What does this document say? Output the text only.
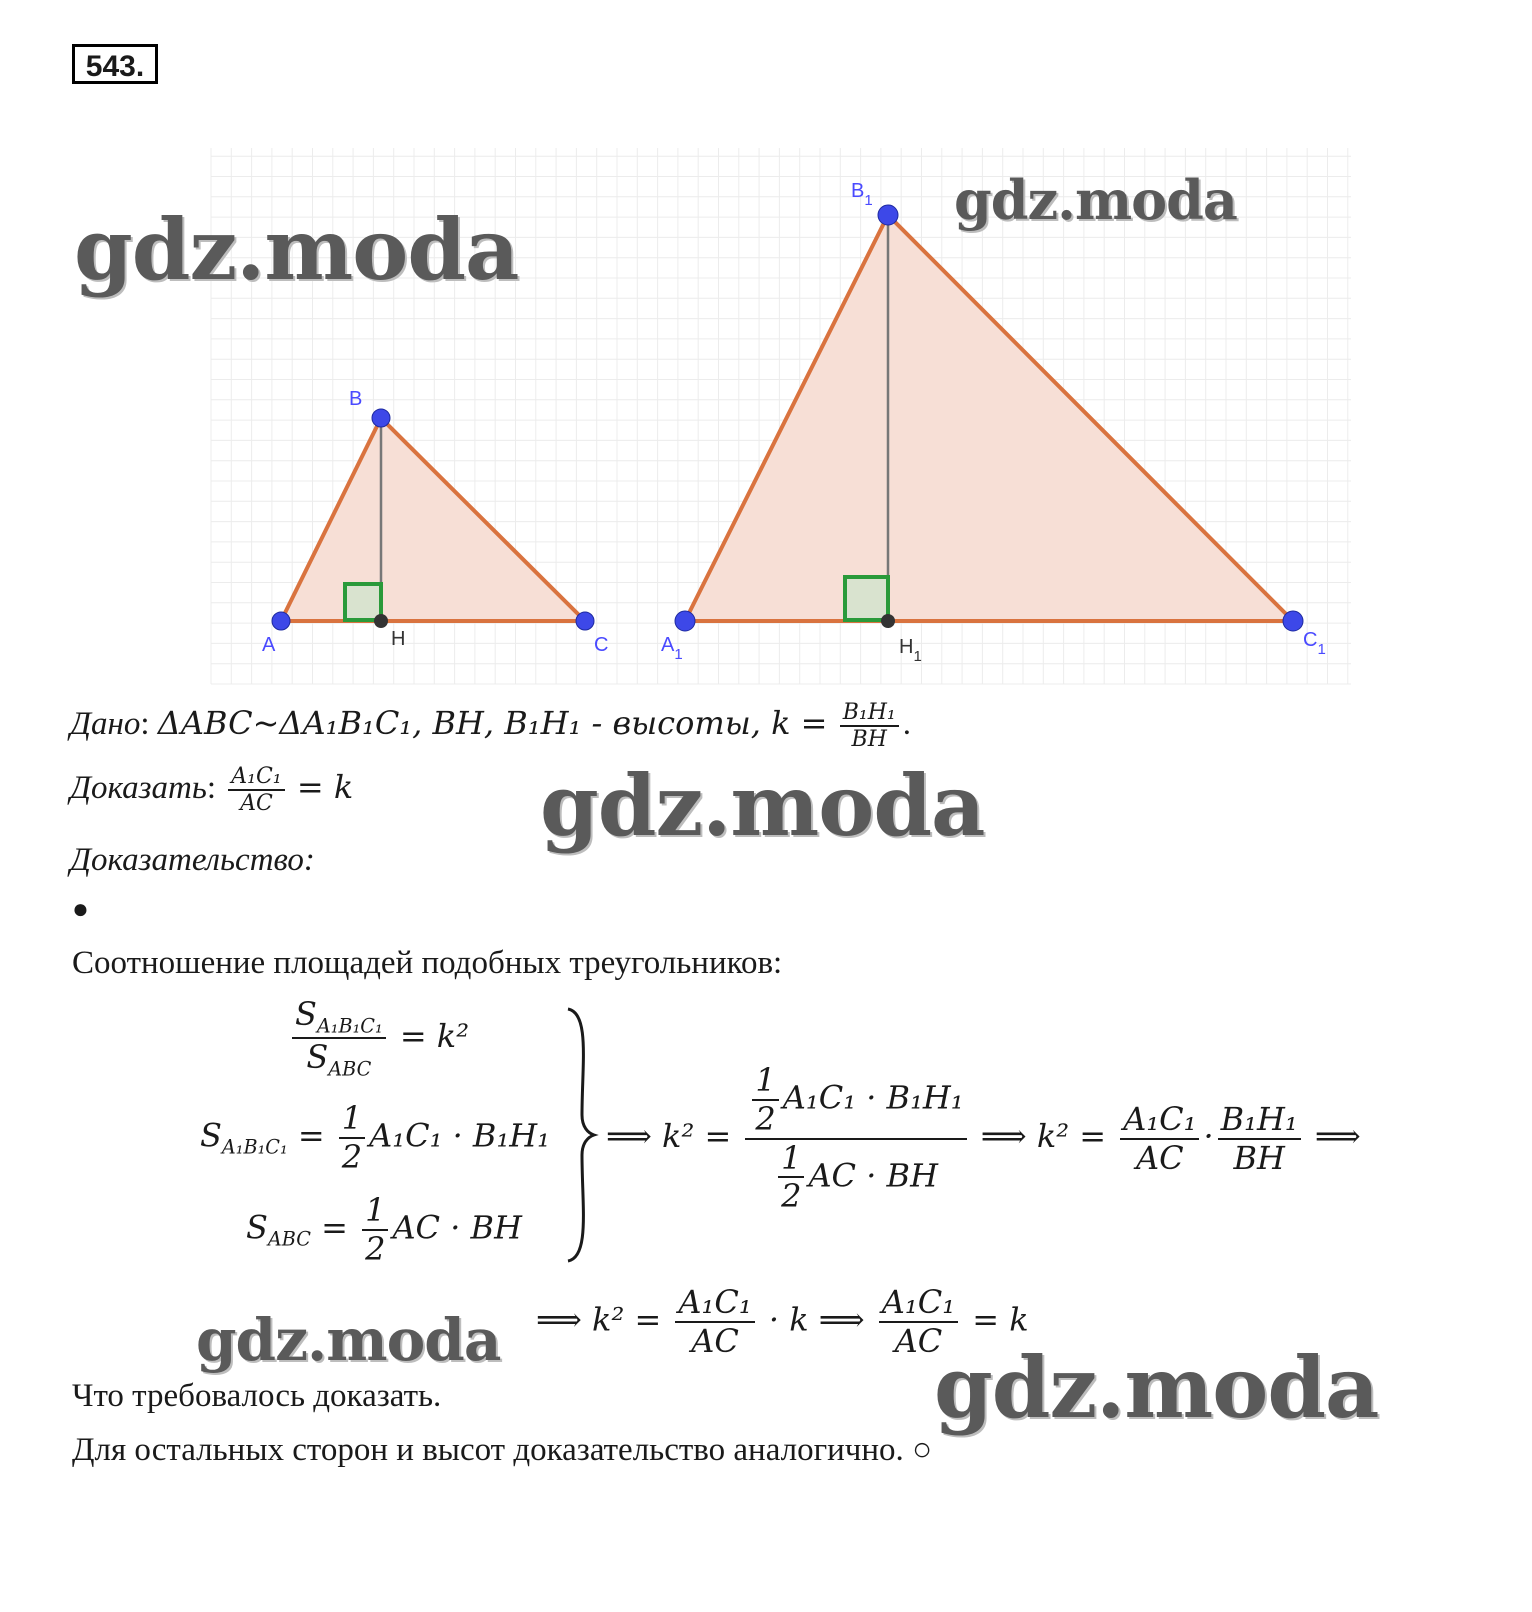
543.
A
B
C
H	$A_1$
$B_1$
$C_1$
$H_1$
Дано: ΔABC~ΔA₁B₁C₁, BH, B₁H₁ - высоты, $k = \frac{\text{B₁H₁}}{BH}$ .
Доказать: $\frac{\text{A₁C₁}}{AC} = k$
Доказательство:
●
Соотношение площадей подобных треугольников:
$\frac{S_{A_1B_1C_1}}{S_{ABC}} = k^2$
$S_{A_1B_1C_1} = \frac{1}{2} A_1C_1 \cdot B_1H_1$
$S_{ABC} = \frac{1}{2}$ AC · BH
⟹ $k^2 = \frac{\frac{1}{2} A_1C_1 \cdot B_1H_1}{\frac{1}{2} AC \cdot BH}$ ⟹ $k^2 = \frac{\text{A₁C₁}}{AC} \cdot \frac{\text{B₁H₁}}{BH}$ ⟹
⟹ $k^2 = \frac{\text{A₁C₁}}{AC} \cdot k$ ⟹ $\frac{\text{A₁C₁}}{AC} = k$
Что требовалось доказать.
Для остальных сторон и высот доказательство аналогично. ○
gdz.moda	gdz.moda
gdz.moda
gdz.moda	gdz.moda
